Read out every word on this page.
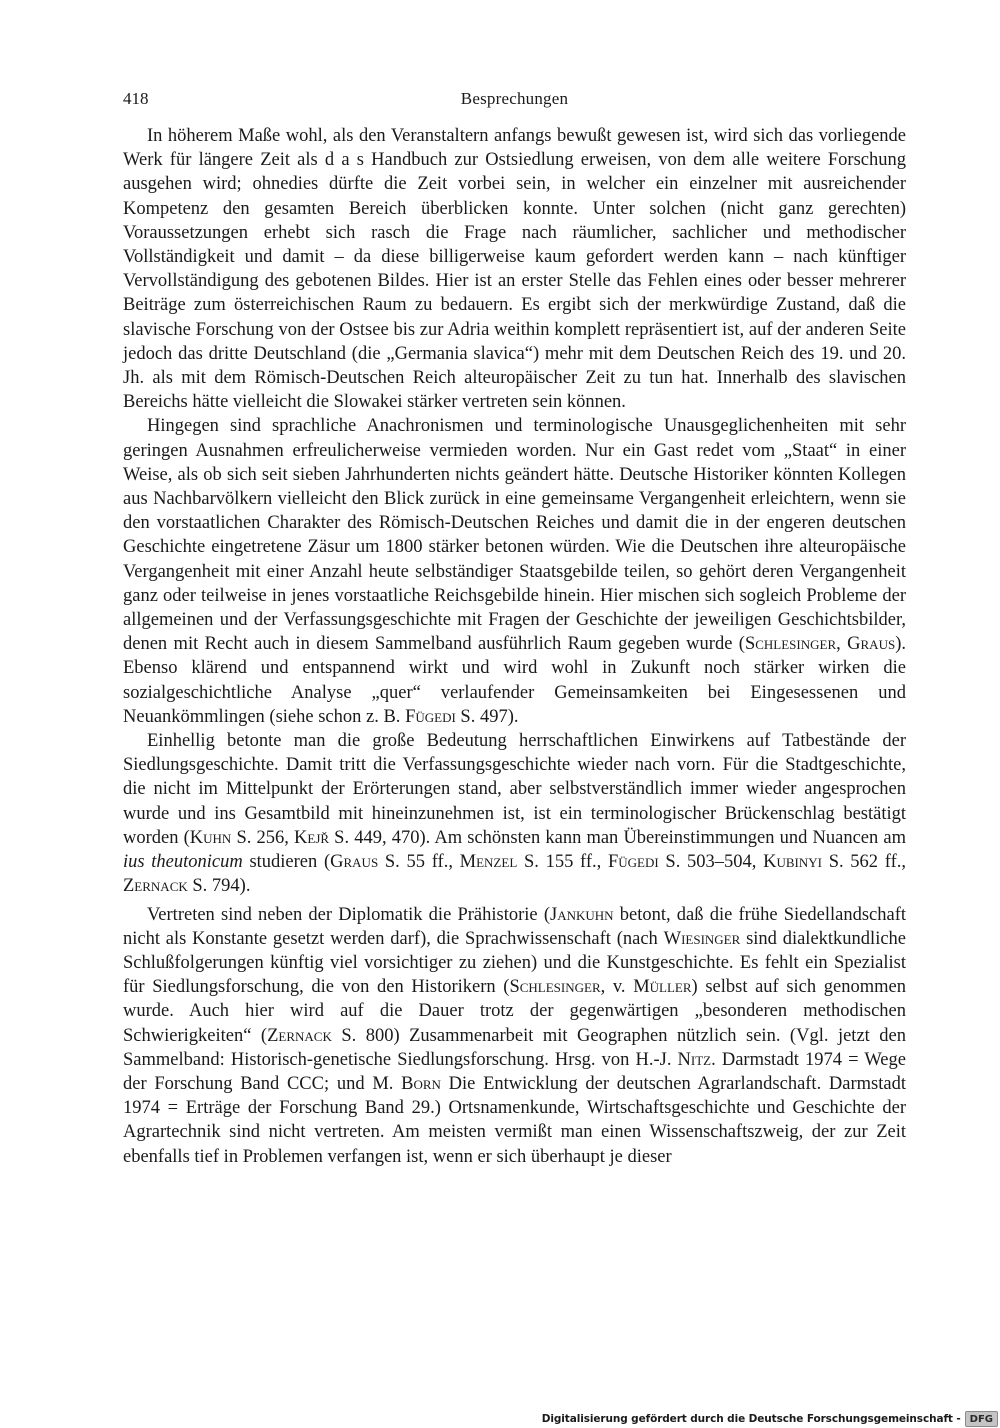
418	Besprechungen

In höherem Maße wohl, als den Veranstaltern anfangs bewußt gewesen ist, wird sich das vorliegende Werk für längere Zeit als d a s Handbuch zur Ostsiedlung erweisen, von dem alle weitere Forschung ausgehen wird; ohnedies dürfte die Zeit vorbei sein, in welcher ein einzelner mit ausreichender Kompetenz den gesamten Bereich überblicken konnte. Unter solchen (nicht ganz gerechten) Voraussetzungen erhebt sich rasch die Frage nach räumlicher, sachlicher und methodischer Vollständigkeit und damit – da diese billigerweise kaum gefordert werden kann – nach künftiger Vervollständigung des gebotenen Bildes. Hier ist an erster Stelle das Fehlen eines oder besser mehrerer Beiträge zum österreichischen Raum zu bedauern. Es ergibt sich der merkwürdige Zustand, daß die slavische Forschung von der Ostsee bis zur Adria weithin komplett repräsentiert ist, auf der anderen Seite jedoch das dritte Deutschland (die „Germania slavica“) mehr mit dem Deutschen Reich des 19. und 20. Jh. als mit dem Römisch-Deutschen Reich alteuropäischer Zeit zu tun hat. Innerhalb des slavischen Bereichs hätte vielleicht die Slowakei stärker vertreten sein können.

Hingegen sind sprachliche Anachronismen und terminologische Unausgeglichenheiten mit sehr geringen Ausnahmen erfreulicherweise vermieden worden. Nur ein Gast redet vom „Staat“ in einer Weise, als ob sich seit sieben Jahrhunderten nichts geändert hätte. Deutsche Historiker könnten Kollegen aus Nachbarvölkern vielleicht den Blick zurück in eine gemeinsame Vergangenheit erleichtern, wenn sie den vorstaatlichen Charakter des Römisch-Deutschen Reiches und damit die in der engeren deutschen Geschichte eingetretene Zäsur um 1800 stärker betonen würden. Wie die Deutschen ihre alteuropäische Vergangenheit mit einer Anzahl heute selbständiger Staatsgebilde teilen, so gehört deren Vergangenheit ganz oder teilweise in jenes vorstaatliche Reichsgebilde hinein. Hier mischen sich sogleich Probleme der allgemeinen und der Verfassungsgeschichte mit Fragen der Geschichte der jeweiligen Geschichtsbilder, denen mit Recht auch in diesem Sammelband ausführlich Raum gegeben wurde (Schlesinger, Graus). Ebenso klärend und entspannend wirkt und wird wohl in Zukunft noch stärker wirken die sozialgeschichtliche Analyse „quer“ verlaufender Gemeinsamkeiten bei Eingesessenen und Neuankömmlingen (siehe schon z. B. Fügedi S. 497).

Einhellig betonte man die große Bedeutung herrschaftlichen Einwirkens auf Tatbestände der Siedlungsgeschichte. Damit tritt die Verfassungsgeschichte wieder nach vorn. Für die Stadtgeschichte, die nicht im Mittelpunkt der Erörterungen stand, aber selbstverständlich immer wieder angesprochen wurde und ins Gesamtbild mit hineinzunehmen ist, ist ein terminologischer Brückenschlag bestätigt worden (Kuhn S. 256, Kejř S. 449, 470). Am schönsten kann man Übereinstimmungen und Nuancen am ius theutonicum studieren (Graus S. 55 ff., Menzel S. 155 ff., Fügedi S. 503–504, Kubinyi S. 562 ff., Zernack S. 794).

Vertreten sind neben der Diplomatik die Prähistorie (Jankuhn betont, daß die frühe Siedellandschaft nicht als Konstante gesetzt werden darf), die Sprachwissenschaft (nach Wiesinger sind dialektkundliche Schlußfolgerungen künftig viel vorsichtiger zu ziehen) und die Kunstgeschichte. Es fehlt ein Spezialist für Siedlungsforschung, die von den Historikern (Schlesinger, v. Müller) selbst auf sich genommen wurde. Auch hier wird auf die Dauer trotz der gegenwärtigen „besonderen methodischen Schwierigkeiten“ (Zernack S. 800) Zusammenarbeit mit Geographen nützlich sein. (Vgl. jetzt den Sammelband: Historisch-genetische Siedlungsforschung. Hrsg. von H.-J. Nitz. Darmstadt 1974 = Wege der Forschung Band CCC; und M. Born Die Entwicklung der deutschen Agrarlandschaft. Darmstadt 1974 = Erträge der Forschung Band 29.) Ortsnamenkunde, Wirtschaftsgeschichte und Geschichte der Agrartechnik sind nicht vertreten. Am meisten vermißt man einen Wissenschaftszweig, der zur Zeit ebenfalls tief in Problemen verfangen ist, wenn er sich überhaupt je dieser

Digitalisierung gefördert durch die Deutsche Forschungsgemeinschaft - DFG
